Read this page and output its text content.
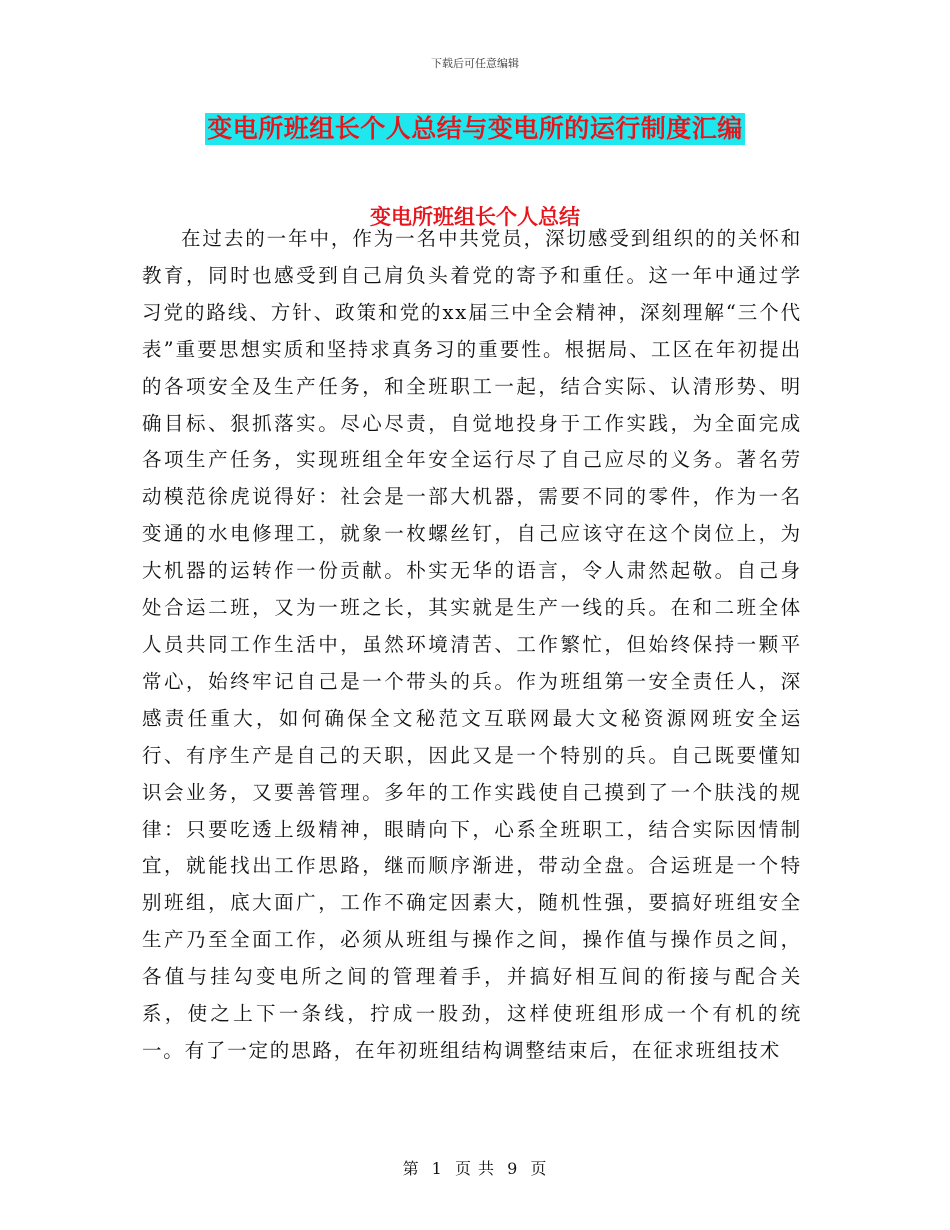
下载后可任意编辑
变电所班组长个人总结与变电所的运行制度汇编
变电所班组长个人总结

在过去的一年中，作为一名中共党员，深切感受到组织的的关怀和教育，同时也感受到自己肩负头着党的寄予和重任。这一年中通过学习党的路线、方针、政策和党的xx届三中全会精神，深刻理解“三个代表”重要思想实质和坚持求真务习的重要性。根据局、工区在年初提出的各项安全及生产任务，和全班职工一起，结合实际、认清形势、明确目标、狠抓落实。尽心尽责，自觉地投身于工作实践，为全面完成各项生产任务，实现班组全年安全运行尽了自己应尽的义务。著名劳动模范徐虎说得好：社会是一部大机器，需要不同的零件，作为一名变通的水电修理工，就象一枚螺丝钉，自己应该守在这个岗位上，为大机器的运转作一份贡献。朴实无华的语言，令人肃然起敬。自己身处合运二班，又为一班之长，其实就是生产一线的兵。在和二班全体人员共同工作生活中，虽然环境清苦、工作繁忙，但始终保持一颗平常心，始终牢记自己是一个带头的兵。作为班组第一安全责任人，深感责任重大，如何确保全文秘范文互联网最大文秘资源网班安全运行、有序生产是自己的天职，因此又是一个特别的兵。自己既要懂知识会业务，又要善管理。多年的工作实践使自己摸到了一个肤浅的规律：只要吃透上级精神，眼睛向下，心系全班职工，结合实际因情制宜，就能找出工作思路，继而顺序渐进，带动全盘。合运班是一个特别班组，底大面广，工作不确定因素大，随机性强，要搞好班组安全生产乃至全面工作，必须从班组与操作之间，操作值与操作员之间，各值与挂勾变电所之间的管理着手，并搞好相互间的衔接与配合关系，使之上下一条线，拧成一股劲，这样使班组形成一个有机的统一。有了一定的思路，在年初班组结构调整结束后，在征求班组技术

第 1 页 共 9 页
